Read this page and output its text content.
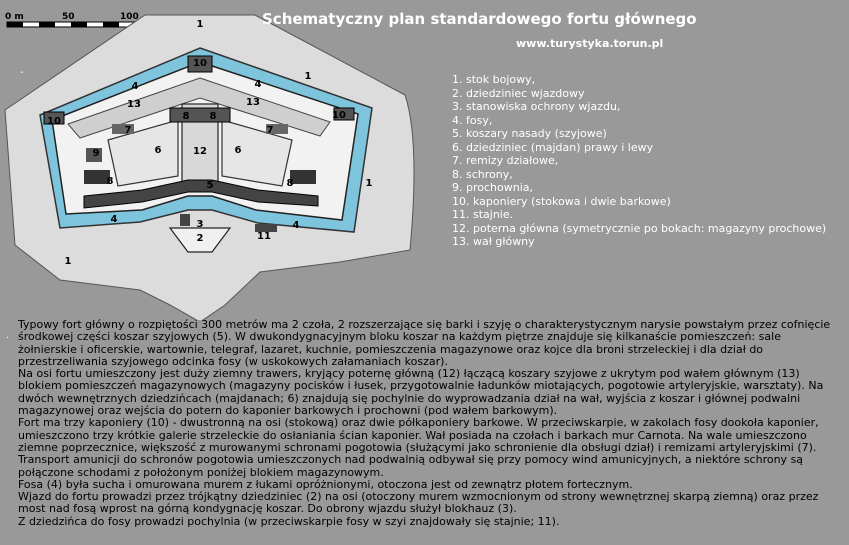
0 m	50	100
1
1
1
1
2
3
4	4
4
4
5
6	6
7	7
8 8
8	8
9
10
10
10
11
12
13	13
-
Schematyczny plan standardowego fortu głównego
www.turystyka.torun.pl
1. stok bojowy,
2. dziedziniec wjazdowy
3. stanowiska ochrony wjazdu,
4. fosy,
5. koszary nasady (szyjowe)
6. dziedziniec (majdan) prawy i lewy
7. remizy działowe,
8. schrony,
9. prochownia,
10. kaponiery (stokowa i dwie barkowe)
11. stajnie.
12. poterna główna (symetrycznie po bokach: magazyny prochowe)
13. wał główny
·

Typowy fort główny o rozpiętości 300 metrów ma 2 czoła, 2 rozszerzające się barki i szyję o charakterystycznym narysie powstałym przez cofnięcie środkowej części koszar szyjowych (5). W dwukondygnacyjnym bloku koszar na każdym piętrze znajduje się kilkanaście pomieszczeń: sale żołnierskie i oficerskie, wartownie, telegraf, lazaret, kuchnie, pomieszczenia magazynowe oraz kojce dla broni strzeleckiej i dla dział do przestrzeliwania szyjowego odcinka fosy (w uskokowych załamaniach koszar).

Na osi fortu umieszczony jest duży ziemny trawers, kryjący poternę główną (12) łączącą koszary szyjowe z ukrytym pod wałem głównym (13) blokiem pomieszczeń magazynowych (magazyny pocisków i łusek, przygotowalnie ładunków miotających, pogotowie artyleryjskie, warsztaty). Na dwóch wewnętrznych dziedzińcach (majdanach; 6) znajdują się pochylnie do wyprowadzania dział na wał, wyjścia z koszar i głównej podwalni magazynowej oraz wejścia do potern do kaponier barkowych i prochowni (pod wałem barkowym).

Fort ma trzy kaponiery (10) - dwustronną na osi (stokową) oraz dwie półkaponiery barkowe. W przeciwskarpie, w zakolach fosy dookoła kaponier, umieszczono trzy krótkie galerie strzeleckie do osłaniania ścian kaponier. Wał posiada na czołach i barkach mur Carnota. Na wale umieszczono ziemne poprzecznice, większość z murowanymi schronami pogotowia (służącymi jako schronienie dla obsługi dział) i remizami artyleryjskimi (7). Transport amunicji do schronów pogotowia umieszczonych nad podwalnią odbywał się przy pomocy wind amunicyjnych, a niektóre schrony są połączone schodami z położonym poniżej blokiem magazynowym.

Fosa (4) była sucha i omurowana murem z łukami opróżnionymi, otoczona jest od zewnątrz płotem fortecznym.

Wjazd do fortu prowadzi przez trójkątny dziedziniec (2) na osi (otoczony murem wzmocnionym od strony wewnętrznej skarpą ziemną) oraz przez most nad fosą wprost na górną kondygnację koszar. Do obrony wjazdu służył blokhauz (3).

Z dziedzińca do fosy prowadzi pochylnia (w przeciwskarpie fosy w szyi znajdowały się stajnie; 11).
